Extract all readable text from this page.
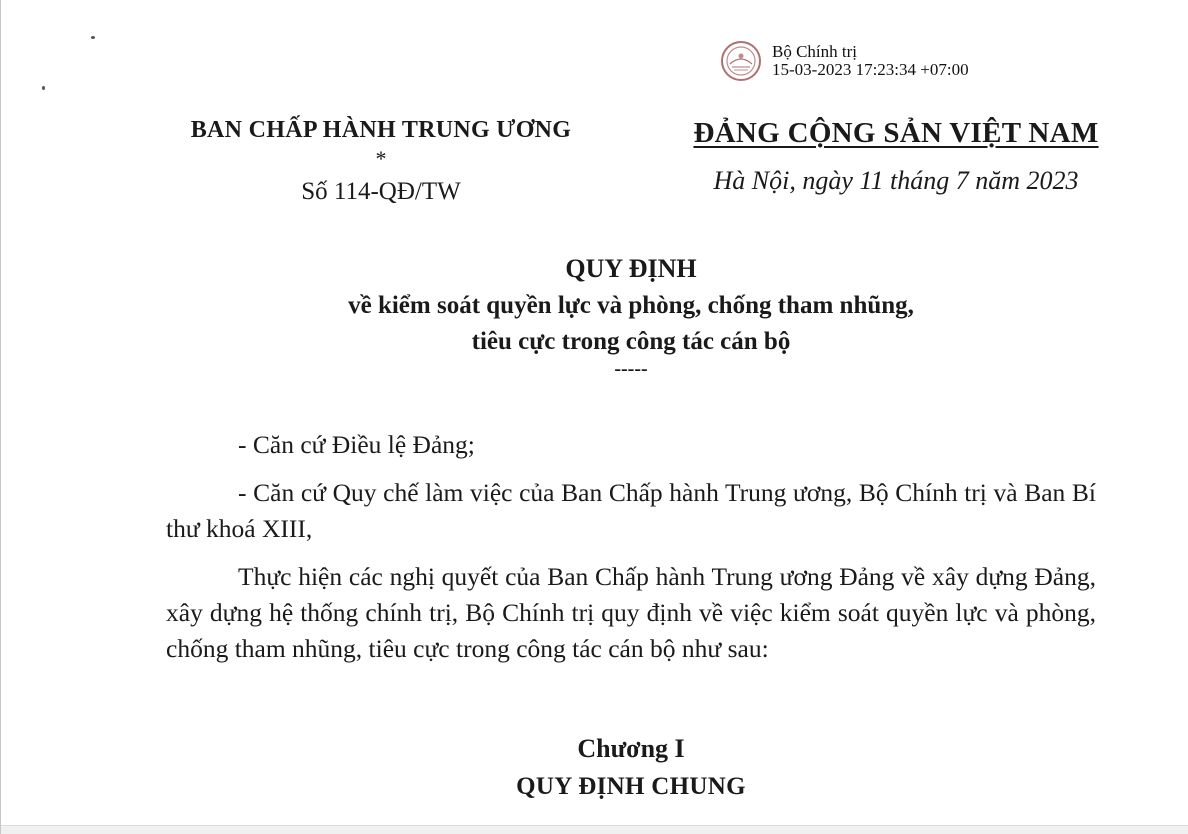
Bộ Chính trị
15-03-2023 17:23:34 +07:00
BAN CHẤP HÀNH TRUNG ƯƠNG
*
Số 114-QĐ/TW
ĐẢNG CỘNG SẢN VIỆT NAM
Hà Nội, ngày 11 tháng 7 năm 2023
QUY ĐỊNH
về kiểm soát quyền lực và phòng, chống tham nhũng,
tiêu cực trong công tác cán bộ
-----

- Căn cứ Điều lệ Đảng;

- Căn cứ Quy chế làm việc của Ban Chấp hành Trung ương, Bộ Chính trị và Ban Bí thư khoá XIII,

Thực hiện các nghị quyết của Ban Chấp hành Trung ương Đảng về xây dựng Đảng, xây dựng hệ thống chính trị, Bộ Chính trị quy định về việc kiểm soát quyền lực và phòng, chống tham nhũng, tiêu cực trong công tác cán bộ như sau:

Chương I
QUY ĐỊNH CHUNG
